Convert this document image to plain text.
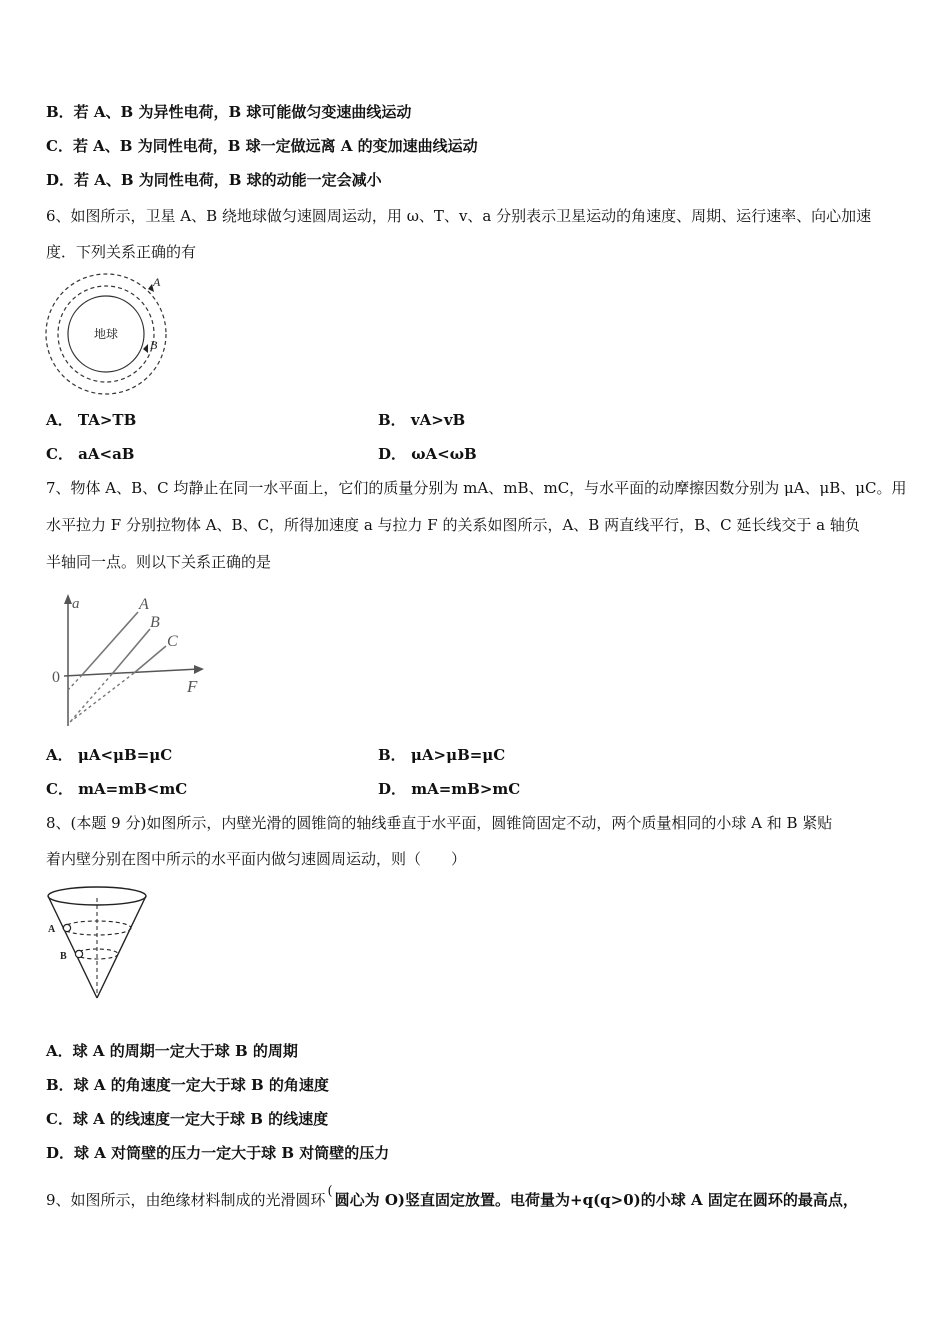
B．若 A、B 为异性电荷，B 球可能做匀变速曲线运动
C．若 A、B 为同性电荷，B 球一定做远离 A 的变加速曲线运动
D．若 A、B 为同性电荷，B 球的动能一定会减小
6、如图所示，卫星 A、B 绕地球做匀速圆周运动，用 ω、T、v、a 分别表示卫星运动的角速度、周期、运行速率、向心加速
度．下列关系正确的有
地球
A
B
A． TA>TB	B． vA>vB
C． aA<aB	D． ωA<ωB
7、物体 A、B、C 均静止在同一水平面上，它们的质量分别为 mA、mB、mC，与水平面的动摩擦因数分别为 μA、μB、μC。用
水平拉力 F 分别拉物体 A、B、C，所得加速度 a 与拉力 F 的关系如图所示，A、B 两直线平行，B、C 延长线交于 a 轴负
半轴同一点。则以下关系正确的是
a
F
0
A
B
C
A． μA<μB=μC	B． μA>μB=μC
C． mA=mB<mC	D． mA=mB>mC
8、(本题 9 分)如图所示，内壁光滑的圆锥筒的轴线垂直于水平面，圆锥筒固定不动，两个质量相同的小球 A 和 B 紧贴
着内壁分别在图中所示的水平面内做匀速圆周运动，则（　　）
A
B
A．球 A 的周期一定大于球 B 的周期
B．球 A 的角速度一定大于球 B 的角速度
C．球 A 的线速度一定大于球 B 的线速度
D．球 A 对筒壁的压力一定大于球 B 对筒壁的压力
9、如图所示，由绝缘材料制成的光滑圆环 ( 圆心为 O)竖直固定放置。电荷量为+q(q>0)的小球 A 固定在圆环的最高点，
